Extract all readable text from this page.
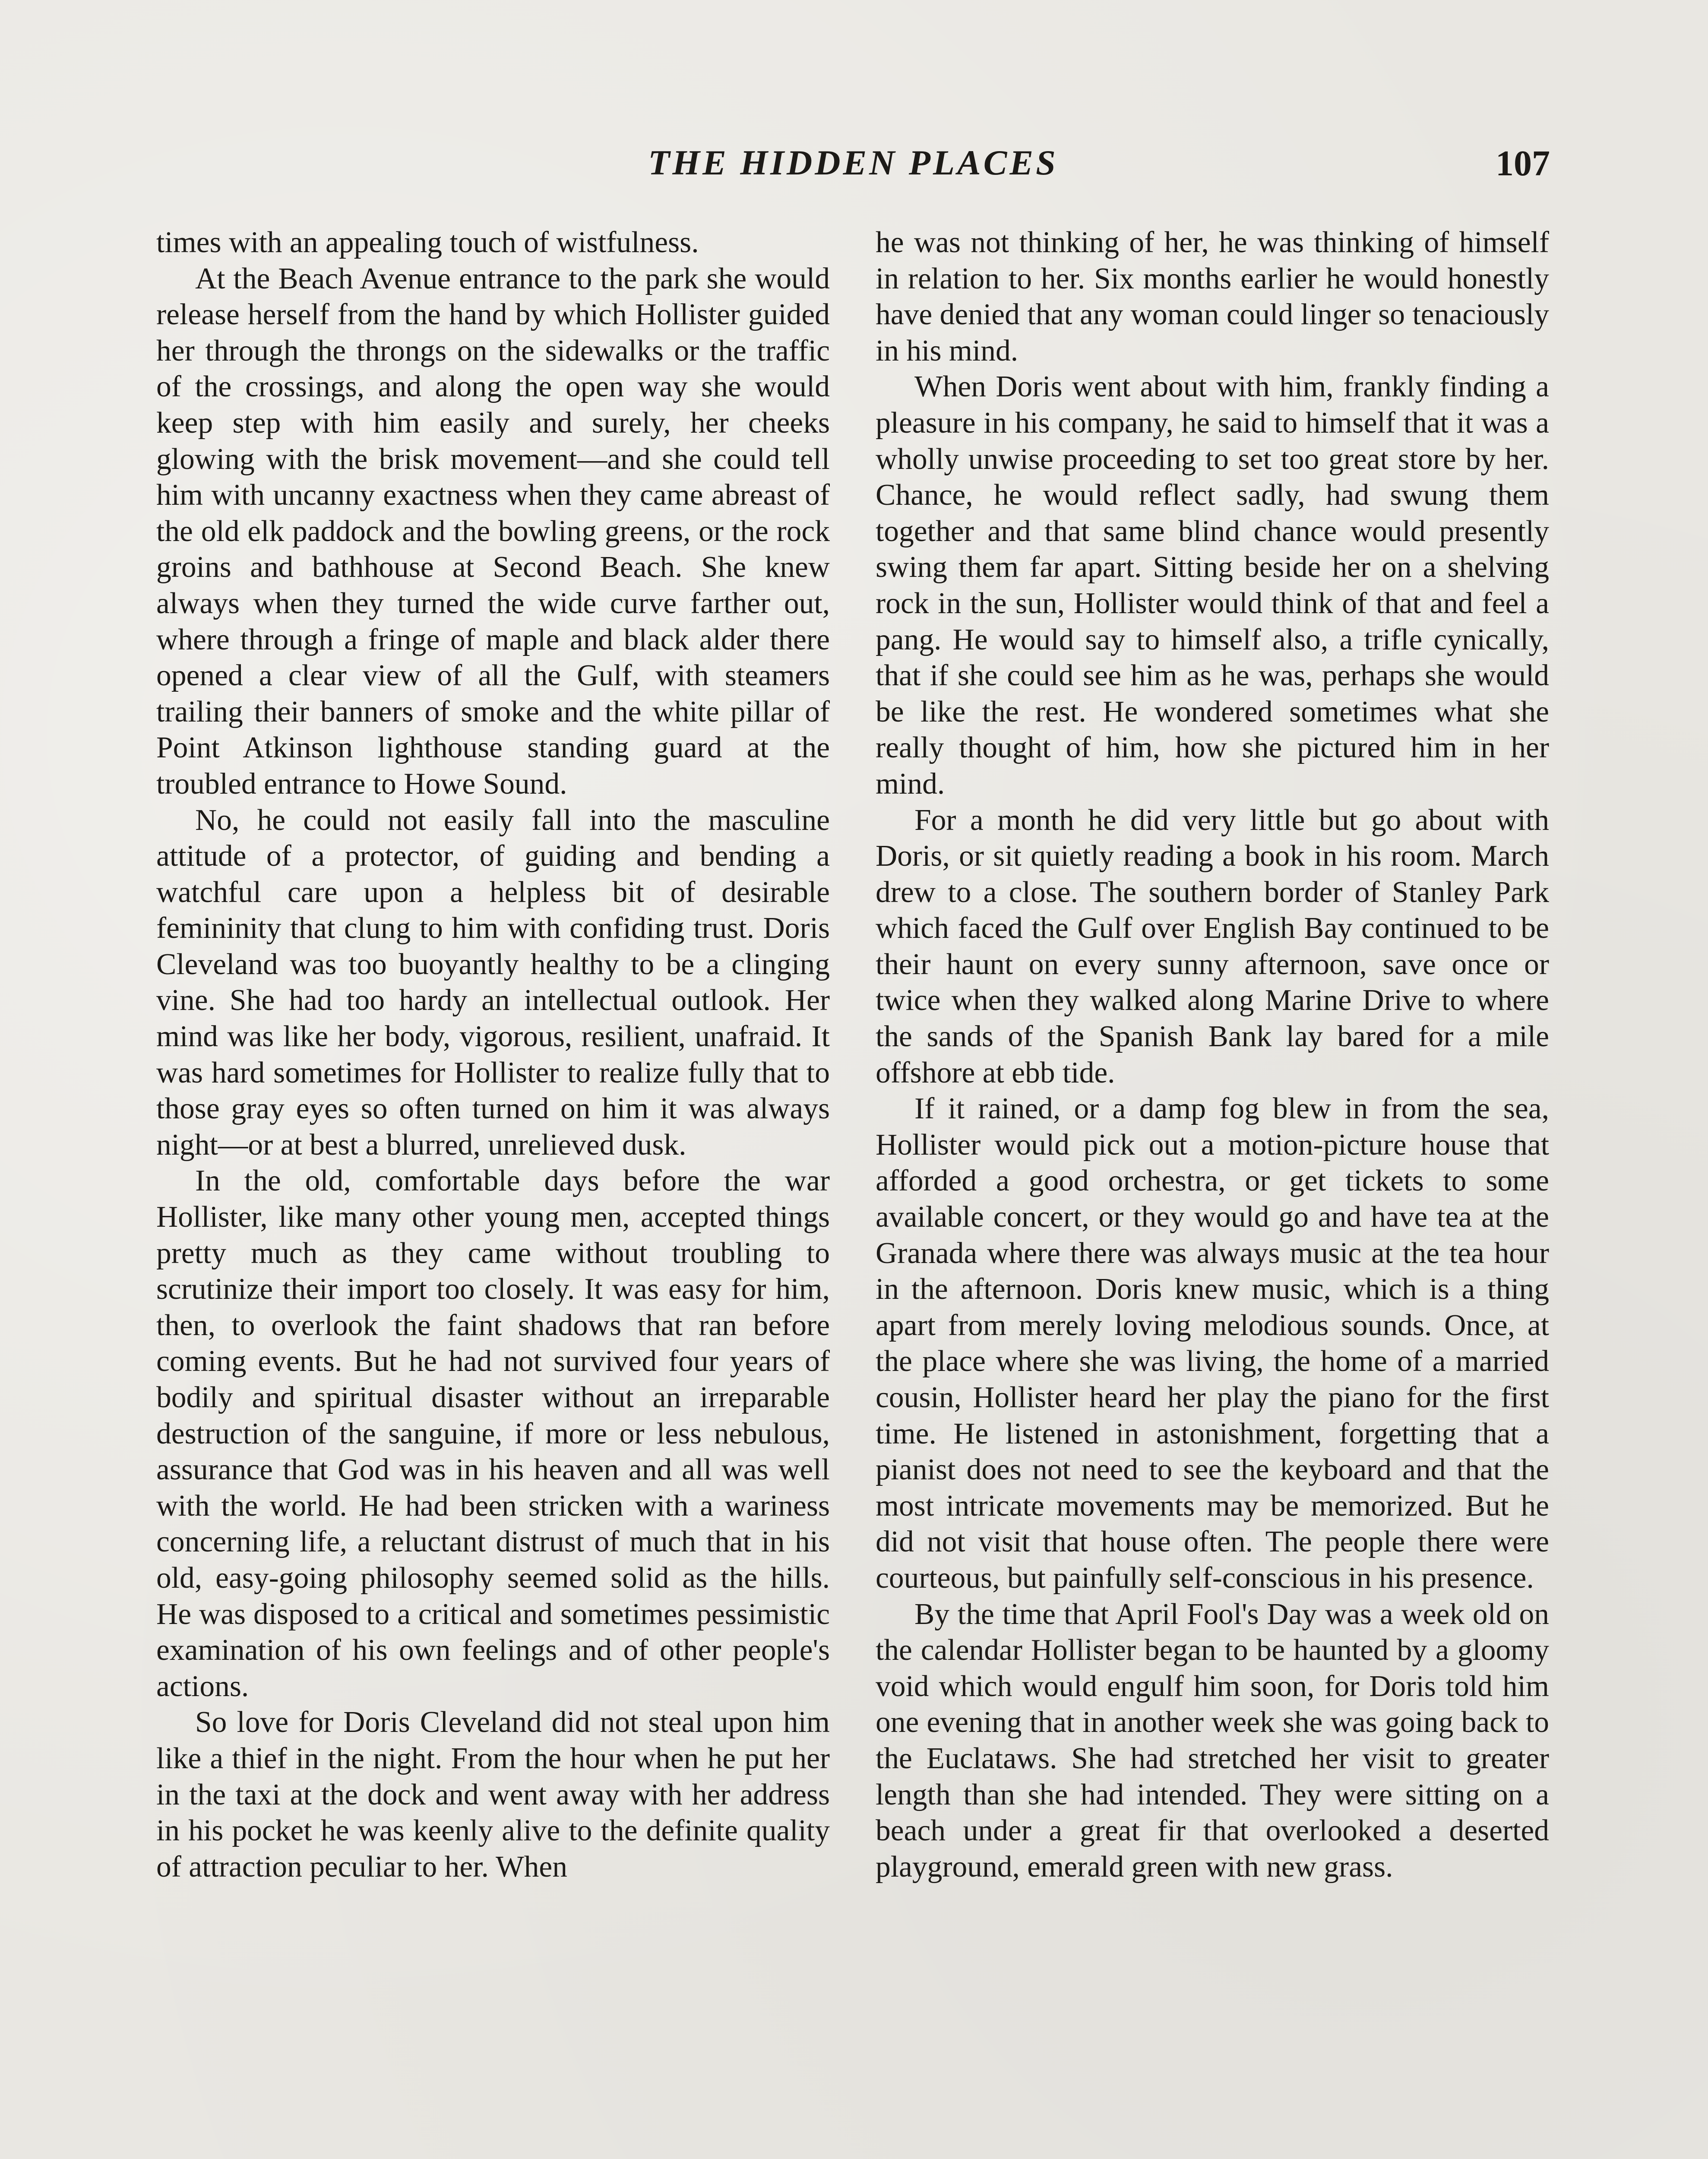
THE HIDDEN PLACES	107

times with an appealing touch of wistfulness.

At the Beach Avenue entrance to the park she would release herself from the hand by which Hollister guided her through the throngs on the sidewalks or the traffic of the crossings, and along the open way she would keep step with him easily and surely, her cheeks glowing with the brisk movement—and she could tell him with uncanny exactness when they came abreast of the old elk paddock and the bowling greens, or the rock groins and bathhouse at Second Beach. She knew always when they turned the wide curve farther out, where through a fringe of maple and black alder there opened a clear view of all the Gulf, with steamers trailing their banners of smoke and the white pillar of Point Atkinson lighthouse standing guard at the troubled entrance to Howe Sound.

No, he could not easily fall into the masculine attitude of a protector, of guiding and bending a watchful care upon a helpless bit of desirable femininity that clung to him with confiding trust. Doris Cleveland was too buoyantly healthy to be a clinging vine. She had too hardy an intellectual outlook. Her mind was like her body, vigorous, resilient, unafraid. It was hard sometimes for Hollister to realize fully that to those gray eyes so often turned on him it was always night—or at best a blurred, unrelieved dusk.

In the old, comfortable days before the war Hollister, like many other young men, accepted things pretty much as they came without troubling to scrutinize their import too closely. It was easy for him, then, to overlook the faint shadows that ran before coming events. But he had not survived four years of bodily and spiritual disaster without an irreparable destruction of the sanguine, if more or less nebulous, assurance that God was in his heaven and all was well with the world. He had been stricken with a wariness concerning life, a reluctant distrust of much that in his old, easy-going philosophy seemed solid as the hills. He was disposed to a critical and sometimes pessimistic examination of his own feelings and of other people's actions.

So love for Doris Cleveland did not steal upon him like a thief in the night. From the hour when he put her in the taxi at the dock and went away with her address in his pocket he was keenly alive to the definite quality of attraction peculiar to her. When

he was not thinking of her, he was thinking of himself in relation to her. Six months earlier he would honestly have denied that any woman could linger so tenaciously in his mind.

When Doris went about with him, frankly finding a pleasure in his company, he said to himself that it was a wholly unwise proceeding to set too great store by her. Chance, he would reflect sadly, had swung them together and that same blind chance would presently swing them far apart. Sitting beside her on a shelving rock in the sun, Hollister would think of that and feel a pang. He would say to himself also, a trifle cynically, that if she could see him as he was, perhaps she would be like the rest. He wondered sometimes what she really thought of him, how she pictured him in her mind.

For a month he did very little but go about with Doris, or sit quietly reading a book in his room. March drew to a close. The southern border of Stanley Park which faced the Gulf over English Bay continued to be their haunt on every sunny afternoon, save once or twice when they walked along Marine Drive to where the sands of the Spanish Bank lay bared for a mile offshore at ebb tide.

If it rained, or a damp fog blew in from the sea, Hollister would pick out a motion-picture house that afforded a good orchestra, or get tickets to some available concert, or they would go and have tea at the Granada where there was always music at the tea hour in the afternoon. Doris knew music, which is a thing apart from merely loving melodious sounds. Once, at the place where she was living, the home of a married cousin, Hollister heard her play the piano for the first time. He listened in astonishment, forgetting that a pianist does not need to see the keyboard and that the most intricate movements may be memorized. But he did not visit that house often. The people there were courteous, but painfully self-conscious in his presence.

By the time that April Fool's Day was a week old on the calendar Hollister began to be haunted by a gloomy void which would engulf him soon, for Doris told him one evening that in another week she was going back to the Euclataws. She had stretched her visit to greater length than she had intended. They were sitting on a beach under a great fir that overlooked a deserted playground, emerald green with new grass.
